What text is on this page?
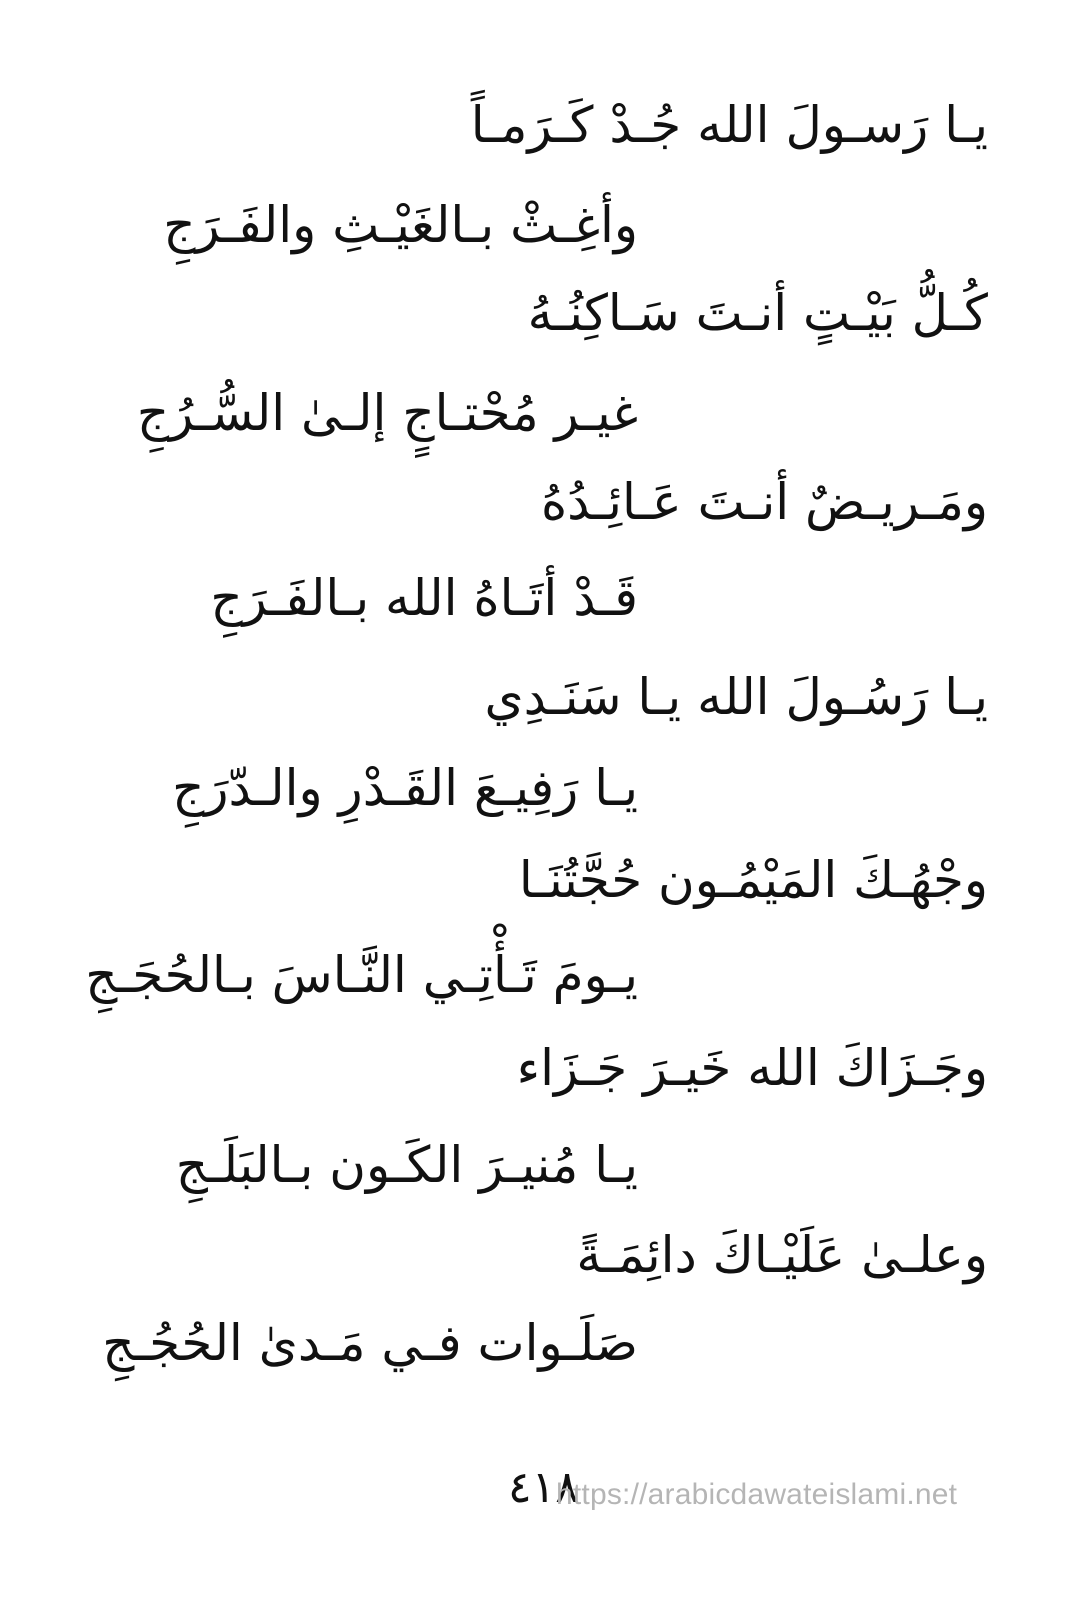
يـا رَسـولَ الله جُـدْ كَـرَمـاً
وأغِـثْ بـالغَيْـثِ والفَـرَجِ
كُـلُّ بَيْـتٍ أنـتَ سَـاكِنُـهُ
غيـر مُحْتـاجٍ إلـىٰ السُّـرُجِ
ومَـريـضٌ أنـتَ عَـائِـدُهُ
قَـدْ أتَـاهُ الله بـالفَـرَجِ
يـا رَسُـولَ الله يـا سَنَـدِي
يـا رَفِيـعَ القَـدْرِ والـدّرَجِ
وجْهُـكَ المَيْمُـون حُجَّتُنَـا
يـومَ تَـأْتِـي النَّـاسَ بـالحُجَـجِ
وجَـزَاكَ الله خَيـرَ جَـزَاء
يـا مُنيـرَ الكَـون بـالبَلَـجِ
وعلـىٰ عَلَيْـاكَ دائِمَـةً
صَلَـوات فـي مَـدىٰ الحُجُـجِ
٤١٨
https://arabicdawateislami.net
